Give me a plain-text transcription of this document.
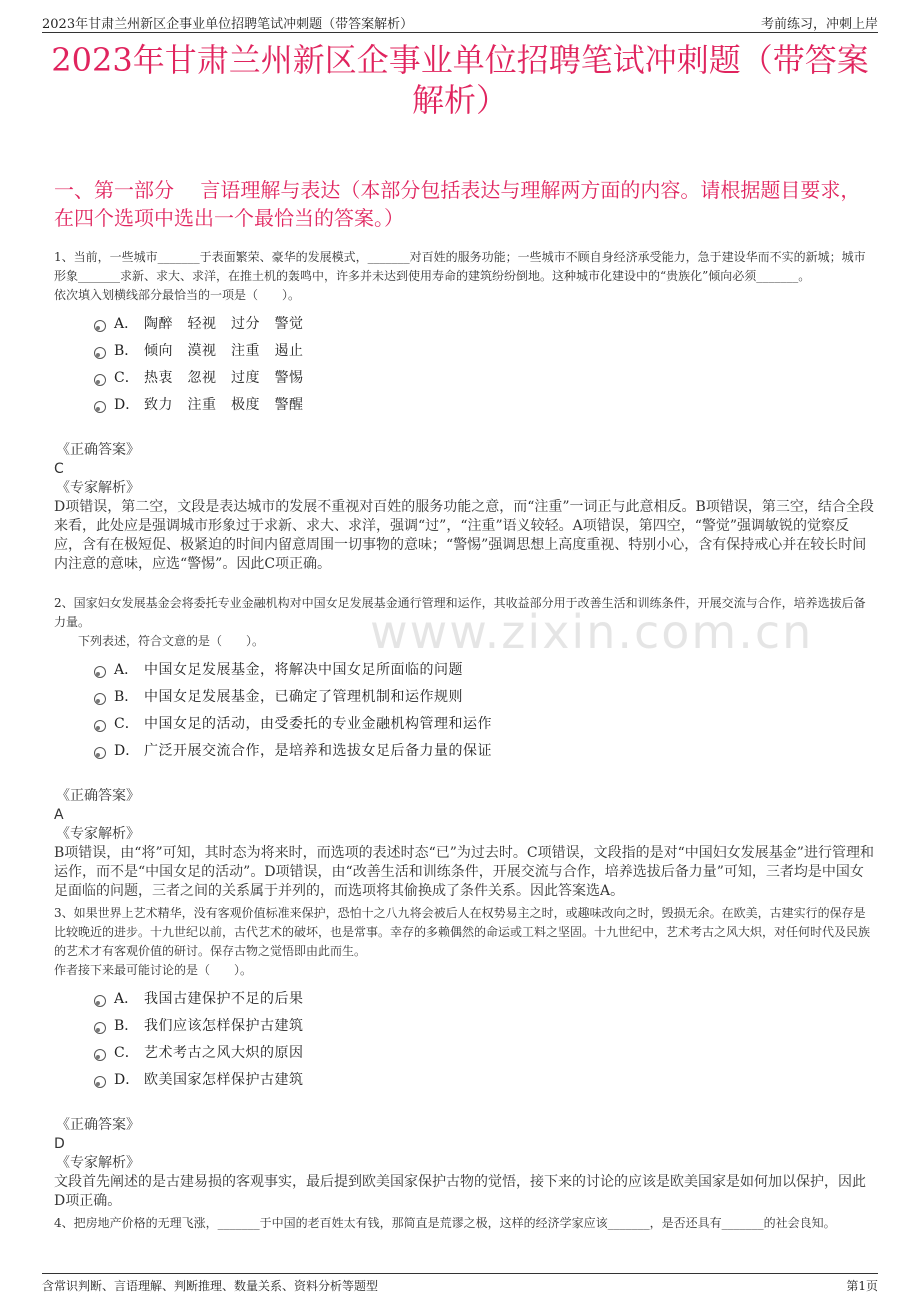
2023年甘肃兰州新区企事业单位招聘笔试冲刺题（带答案解析）	考前练习，冲刺上岸
2023年甘肃兰州新区企事业单位招聘笔试冲刺题（带答案解析）
一、第一部分　 言语理解与表达（本部分包括表达与理解两方面的内容。请根据题目要求，在四个选项中选出一个最恰当的答案。）
www.zixin.com.cn
1、当前，一些城市_______于表面繁荣、豪华的发展模式，_______对百姓的服务功能；一些城市不顾自身经济承受能力，急于建设华而不实的新城；城市形象_______求新、求大、求洋，在推土机的轰鸣中，许多并未达到使用寿命的建筑纷纷倒地。这种城市化建设中的“贵族化”倾向必须_______。
依次填入划横线部分最恰当的一项是（　　）。
A． 陶醉　轻视　过分　警觉
B． 倾向　漠视　注重　遏止
C． 热衷　忽视　过度　警惕
D． 致力　注重　极度　警醒
《正确答案》
C
《专家解析》
D项错误，第二空，文段是表达城市的发展不重视对百姓的服务功能之意，而“注重”一词正与此意相反。B项错误，第三空，结合全段来看，此处应是强调城市形象过于求新、求大、求洋，强调“过”，“注重”语义较轻。A项错误，第四空，“警觉”强调敏锐的觉察反应，含有在极短促、极紧迫的时间内留意周围一切事物的意味；“警惕”强调思想上高度重视、特别小心，含有保持戒心并在较长时间内注意的意味，应选“警惕”。因此C项正确。
2、国家妇女发展基金会将委托专业金融机构对中国女足发展基金通行管理和运作，其收益部分用于改善生活和训练条件，开展交流与合作，培养选拔后备力量。
下列表述，符合文意的是（　　）。
A． 中国女足发展基金，将解决中国女足所面临的问题
B． 中国女足发展基金，已确定了管理机制和运作规则
C． 中国女足的活动，由受委托的专业金融机构管理和运作
D． 广泛开展交流合作，是培养和选拔女足后备力量的保证
《正确答案》
A
《专家解析》
B项错误，由“将”可知，其时态为将来时，而选项的表述时态“已”为过去时。C项错误，文段指的是对“中国妇女发展基金”进行管理和运作，而不是“中国女足的活动”。D项错误，由“改善生活和训练条件，开展交流与合作，培养选拔后备力量”可知，三者均是中国女足面临的问题，三者之间的关系属于并列的，而选项将其偷换成了条件关系。因此答案选A。
3、如果世界上艺术精华，没有客观价值标准来保护，恐怕十之八九将会被后人在权势易主之时，或趣味改向之时，毁损无余。在欧美，古建实行的保存是比较晚近的进步。十九世纪以前，古代艺术的破坏，也是常事。幸存的多赖偶然的命运或工料之坚固。十九世纪中，艺术考古之风大炽，对任何时代及民族的艺术才有客观价值的研讨。保存古物之觉悟即由此而生。
作者接下来最可能讨论的是（　　）。
A． 我国古建保护不足的后果
B． 我们应该怎样保护古建筑
C． 艺术考古之风大炽的原因
D． 欧美国家怎样保护古建筑
《正确答案》
D
《专家解析》
文段首先阐述的是古建易损的客观事实，最后提到欧美国家保护古物的觉悟，接下来的讨论的应该是欧美国家是如何加以保护，因此D项正确。
4、把房地产价格的无理飞涨，_______于中国的老百姓太有钱，那简直是荒谬之极，这样的经济学家应该_______，是否还具有_______的社会良知。
含常识判断、言语理解、判断推理、数量关系、资料分析等题型	第1页
